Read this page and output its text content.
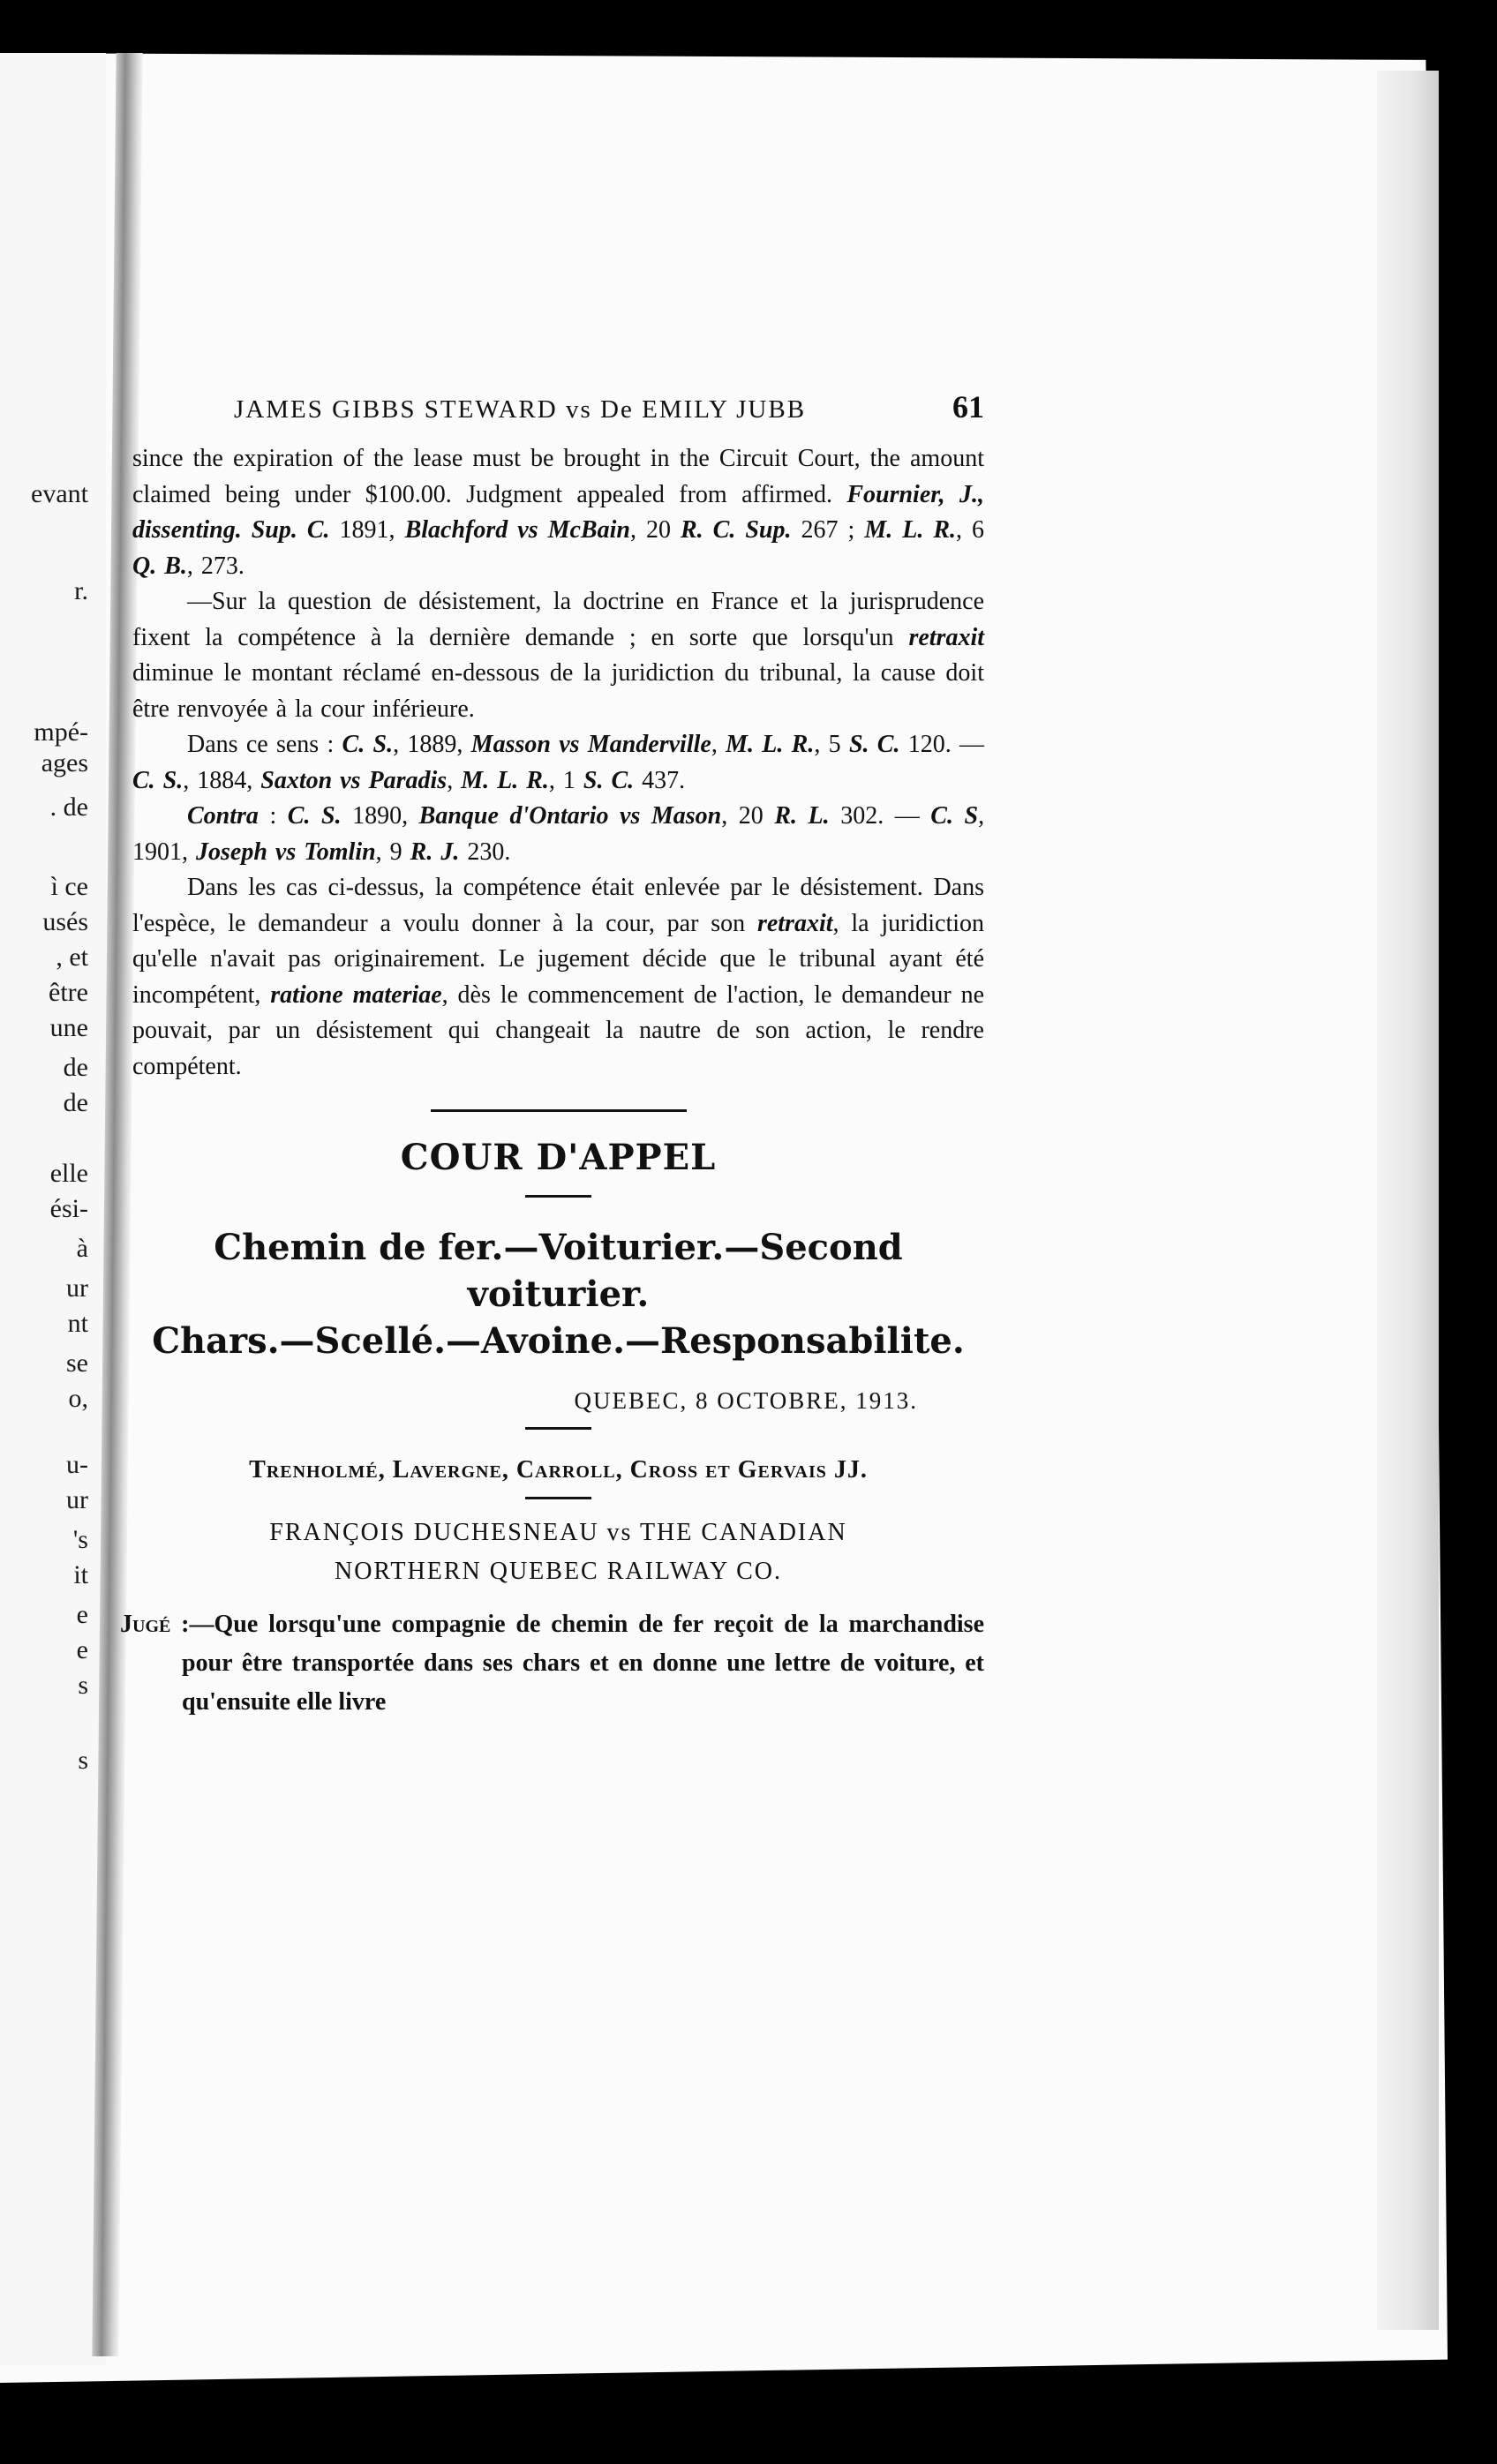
evant
r.
mpé-
ages
. de
ì ce
usés
, et
être
une
de
de
elle
ési-
à
ur
nt
se
o,
u-
ur
's
it
e
e
s
s
JAMES GIBBS STEWARD vs De EMILY JUBB	61

since the expiration of the lease must be brought in the Circuit Court, the amount claimed being under $100.00. Judgment appealed from affirmed. Fournier, J., dissenting. Sup. C. 1891, Blachford vs McBain, 20 R. C. Sup. 267 ; M. L. R., 6 Q. B., 273.

—Sur la question de désistement, la doctrine en France et la jurisprudence fixent la compétence à la dernière demande ; en sorte que lorsqu'un retraxit diminue le montant réclamé en-dessous de la juridiction du tribunal, la cause doit être renvoyée à la cour inférieure.

Dans ce sens : C. S., 1889, Masson vs Manderville, M. L. R., 5 S. C. 120. — C. S., 1884, Saxton vs Paradis, M. L. R., 1 S. C. 437.

Contra : C. S. 1890, Banque d'Ontario vs Mason, 20 R. L. 302. — C. S, 1901, Joseph vs Tomlin, 9 R. J. 230.

Dans les cas ci-dessus, la compétence était enlevée par le désistement. Dans l'espèce, le demandeur a voulu donner à la cour, par son retraxit, la juridiction qu'elle n'avait pas originairement. Le jugement décide que le tribunal ayant été incompétent, ratione materiae, dès le commencement de l'action, le demandeur ne pouvait, par un désistement qui changeait la nautre de son action, le rendre compétent.

COUR D'APPEL
Chemin de fer.—Voiturier.—Second voiturier.
Chars.—Scellé.—Avoine.—Responsabilite.
QUEBEC, 8 OCTOBRE, 1913.
Trenholmé, Lavergne, Carroll, Cross et Gervais JJ.
FRANÇOIS DUCHESNEAU vs THE CANADIAN
NORTHERN QUEBEC RAILWAY CO.
Jugé :—Que lorsqu'une compagnie de chemin de fer reçoit de la marchandise pour être transportée dans ses chars et en donne une lettre de voiture, et qu'ensuite elle livre
